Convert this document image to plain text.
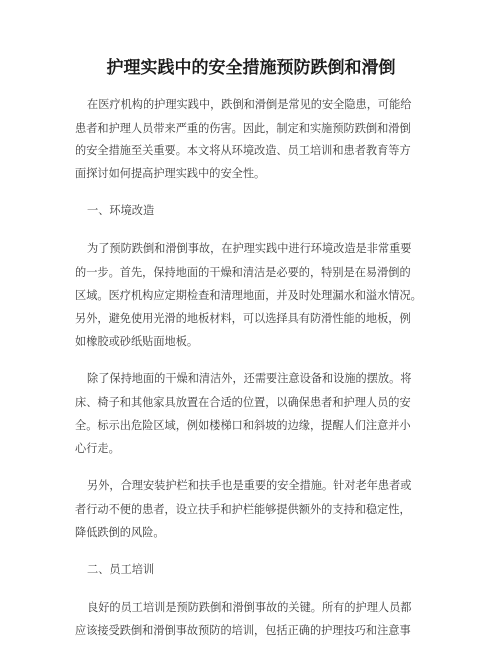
护理实践中的安全措施预防跌倒和滑倒
在医疗机构的护理实践中，跌倒和滑倒是常见的安全隐患，可能给
患者和护理人员带来严重的伤害。因此，制定和实施预防跌倒和滑倒
的安全措施至关重要。本文将从环境改造、员工培训和患者教育等方
面探讨如何提高护理实践中的安全性。
一、环境改造
为了预防跌倒和滑倒事故，在护理实践中进行环境改造是非常重要
的一步。首先，保持地面的干燥和清洁是必要的，特别是在易滑倒的
区域。医疗机构应定期检查和清理地面，并及时处理漏水和溢水情况。
另外，避免使用光滑的地板材料，可以选择具有防滑性能的地板，例
如橡胶或砂纸贴面地板。
除了保持地面的干燥和清洁外，还需要注意设备和设施的摆放。将
床、椅子和其他家具放置在合适的位置，以确保患者和护理人员的安
全。标示出危险区域，例如楼梯口和斜坡的边缘，提醒人们注意并小
心行走。
另外，合理安装护栏和扶手也是重要的安全措施。针对老年患者或
者行动不便的患者，设立扶手和护栏能够提供额外的支持和稳定性，
降低跌倒的风险。
二、员工培训
良好的员工培训是预防跌倒和滑倒事故的关键。所有的护理人员都
应该接受跌倒和滑倒事故预防的培训，包括正确的护理技巧和注意事
